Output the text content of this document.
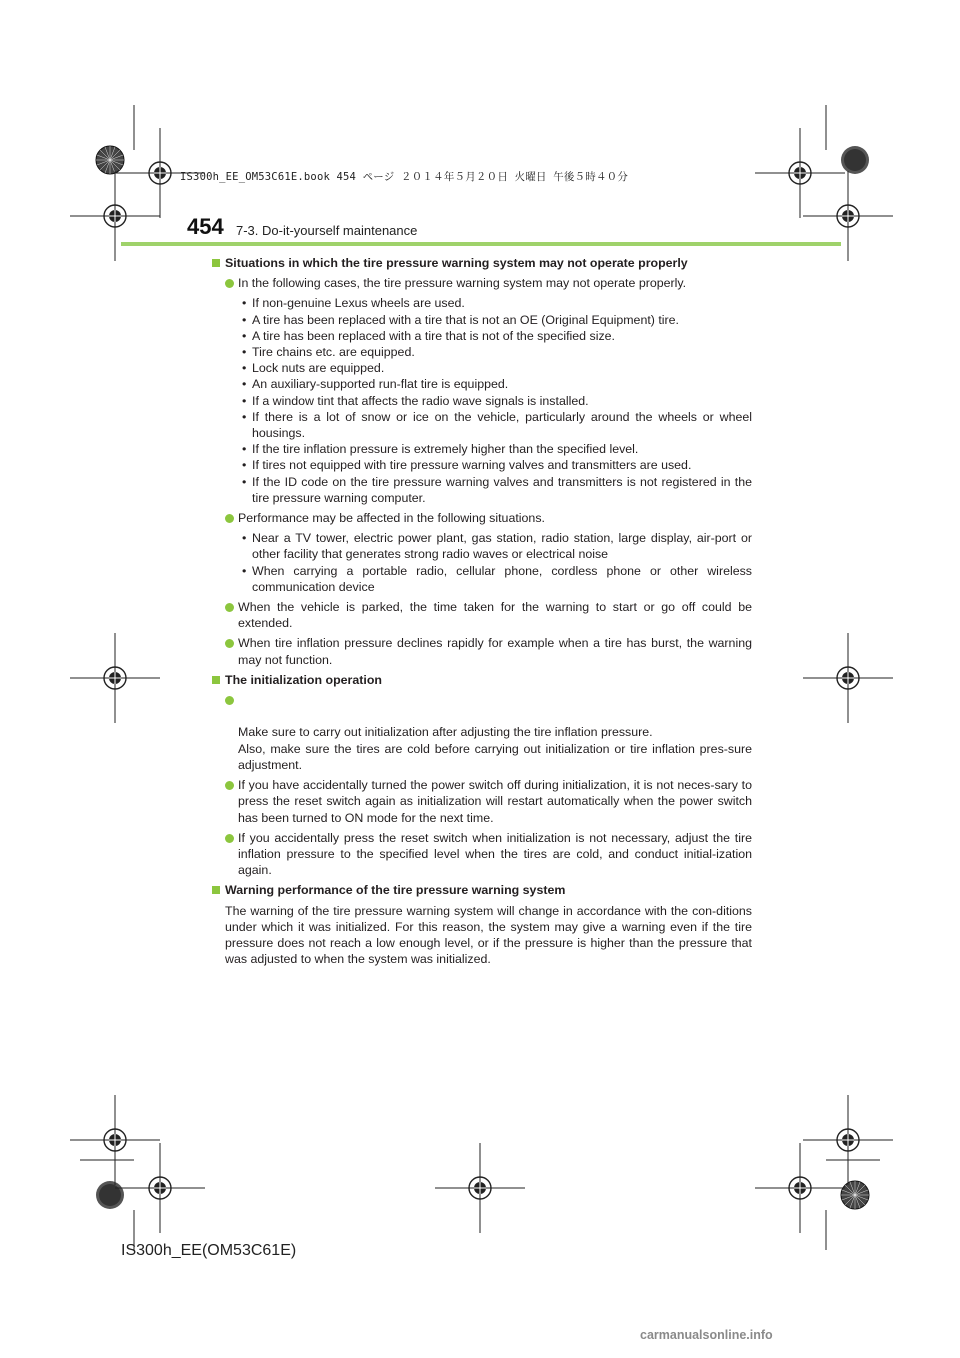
IS300h_EE_OM53C61E.book 454 ページ ２０１４年５月２０日 火曜日 午後５時４０分
454 7-3. Do-it-yourself maintenance
Situations in which the tire pressure warning system may not operate properly
In the following cases, the tire pressure warning system may not operate properly.
• If non-genuine Lexus wheels are used.
• A tire has been replaced with a tire that is not an OE (Original Equipment) tire.
• A tire has been replaced with a tire that is not of the specified size.
• Tire chains etc. are equipped.
• Lock nuts are equipped.
• An auxiliary-supported run-flat tire is equipped.
• If a window tint that affects the radio wave signals is installed.
• If there is a lot of snow or ice on the vehicle, particularly around the wheels or wheel housings.
• If the tire inflation pressure is extremely higher than the specified level.
• If tires not equipped with tire pressure warning valves and transmitters are used.
• If the ID code on the tire pressure warning valves and transmitters is not registered in the tire pressure warning computer.
Performance may be affected in the following situations.
• Near a TV tower, electric power plant, gas station, radio station, large display, air-port or other facility that generates strong radio waves or electrical noise
• When carrying a portable radio, cellular phone, cordless phone or other wireless communication device
When the vehicle is parked, the time taken for the warning to start or go off could be extended.
When tire inflation pressure declines rapidly for example when a tire has burst, the warning may not function.
The initialization operation

Make sure to carry out initialization after adjusting the tire inflation pressure.
Also, make sure the tires are cold before carrying out initialization or tire inflation pres-sure adjustment.

If you have accidentally turned the power switch off during initialization, it is not neces-sary to press the reset switch again as initialization will restart automatically when the power switch has been turned to ON mode for the next time.
If you accidentally press the reset switch when initialization is not necessary, adjust the tire inflation pressure to the specified level when the tires are cold, and conduct initial-ization again.
Warning performance of the tire pressure warning system
The warning of the tire pressure warning system will change in accordance with the con-ditions under which it was initialized. For this reason, the system may give a warning even if the tire pressure does not reach a low enough level, or if the pressure is higher than the pressure that was adjusted to when the system was initialized.
IS300h_EE(OM53C61E)
carmanualsonline.info
